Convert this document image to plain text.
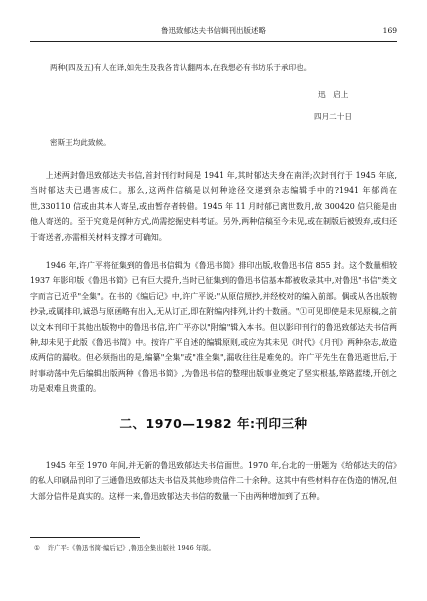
鲁迅致郁达夫书信辑刊出版述略	169
两种(四及五)有人在译,如先生及我各肯认翻两本,在我想必有书坊乐于承印也。
迅　启上
四月二十日
密斯王均此致候。

上述两封鲁迅致郁达夫书信,首封刊行时间是 1941 年,其时郁达夫身在南洋;次封刊行于 1945 年底,当时郁达夫已遇害成仁。那么,这两件信稿是以何种途径交递到杂志编辑手中的?1941 年郁尚在世,330110 信或由其本人寄呈,或由暂存者转借。1945 年 11 月时郁已离世数月,故 300420 信只能是由他人寄送的。至于究竟是何种方式,尚需挖掘史料考证。另外,两种信稿至今未见,或在制版后被毁弃,或归还于寄送者,亦需相关材料支撑才可确知。

1946 年,许广平将征集到的鲁迅书信辑为《鲁迅书简》排印出版,收鲁迅书信 855 封。这个数量相较 1937 年影印版《鲁迅书简》已有巨大提升,当时已征集到的鲁迅书信基本都被收录其中,对鲁迅"书信"类文字而言已近乎"全集"。在书的《编后记》中,许广平说:"从原信照抄,并经校对的编入前部。偶或从各出版物抄录,或属排印,诚恐与原函略有出入,无从订正,即在附编内排列,计约十数函。"①可见即使是未见原稿,之前以文本刊印于其他出版物中的鲁迅书信,许广平亦以"附编"辑入本书。但以影印刊行的鲁迅致郁达夫书信两种,却未见于此版《鲁迅书简》中。按许广平自述的编辑原则,或应为其未见《时代》《月刊》两种杂志,故造成两信的漏收。但必须指出的是,编纂"全集"或"准全集",漏收往往是难免的。许广平先生在鲁迅逝世后,于时事动荡中先后编辑出版两种《鲁迅书简》,为鲁迅书信的整理出版事业奠定了坚实根基,筚路蓝缕,开创之功是艰难且贵重的。

二、1970—1982 年:刊印三种

1945 年至 1970 年间,并无新的鲁迅致郁达夫书信面世。1970 年,台北的一册题为《给郁达夫的信》的私人印刷品刊印了三通鲁迅致郁达夫书信及其他珍贵信件二十余种。这其中有些材料存在伪造的情况,但大部分信件是真实的。这样一来,鲁迅致郁达夫书信的数量一下由两种增加到了五种。

① 许广平:《鲁迅书简·编后记》,鲁迅全集出版社 1946 年版。
